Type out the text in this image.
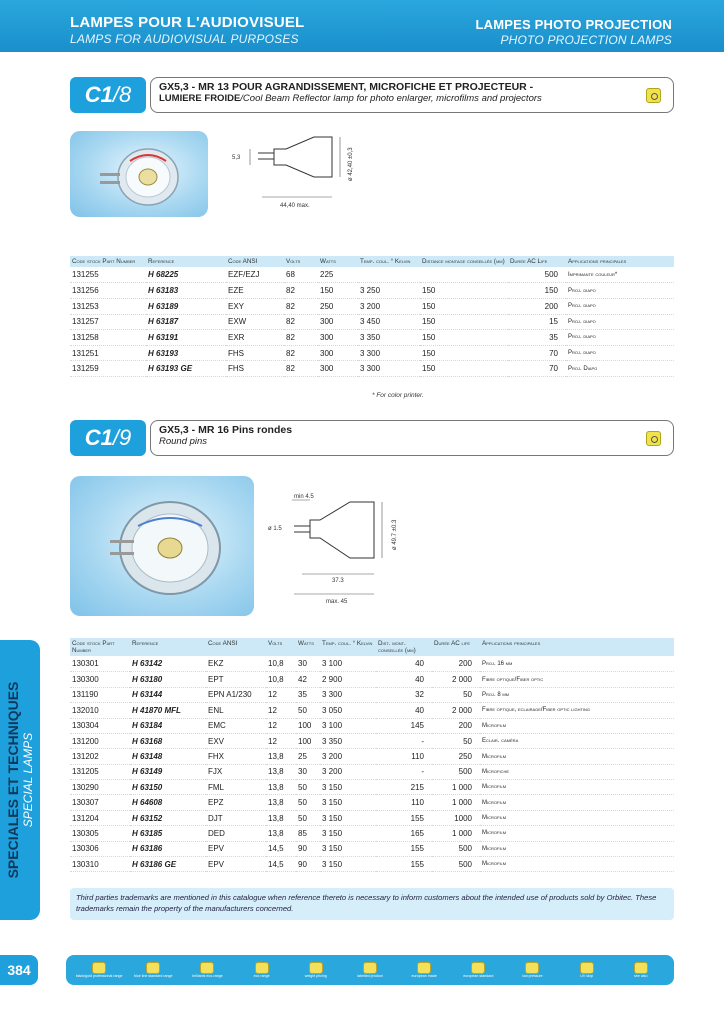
LAMPES POUR L'AUDIOVISUEL
LAMPS FOR AUDIOVISUAL PURPOSES
LAMPES PHOTO PROJECTION
PHOTO PROJECTION LAMPS
C1 /8	GX5,3 - MR 13 POUR AGRANDISSEMENT, MICROFICHE ET PROJECTEUR -
LUMIERE FROIDE/Cool Beam Reflector lamp for photo enlarger, microfilms and projectors
5,3	ø 42,40 ±0,3
44,40 max.
Code stock Part Number	Reference	Code ANSI	Volts	Watts	Temp. coul. ° Kelvin	Distance montage conseillée (mm)	Durée AC Life	Applications principales
131255	H 68225	EZF/EZJ	68	225			500	Imprimante couleur*
131256	H 63183	EZE	82	150	3 250	150	150	Proj. diapo
131253	H 63189	EXY	82	250	3 200	150	200	Proj. diapo
131257	H 63187	EXW	82	300	3 450	150	15	Proj. diapo
131258	H 63191	EXR	82	300	3 350	150	35	Proj. diapo
131251	H 63193	FHS	82	300	3 300	150	70	Proj. diapo
131259	H 63193 GE	FHS	82	300	3 300	150	70	Proj. Diapo
* For color printer.
C1 /9	GX5,3 - MR 16 Pins rondes
Round pins
min 4.5
ø 1.5	ø 49.7 ±0.3
37.3
max. 45
Code stock Part Number	Reference	Code ANSI	Volts	Watts	Temp. coul. ° Kelvin	Dist. mont. conseillée (mm)	Durée AC life	Applications principales
130301	H 63142	EKZ	10,8	30	3 100	40	200	Proj. 16 mm
130300	H 63180	EPT	10,8	42	2 900	40	2 000	Fibre optique/Fiber optic
131190	H 63144	EPN A1/230	12	35	3 300	32	50	Proj. 8 mm
132010	H 41870 MFL	ENL	12	50	3 050	40	2 000	Fibre optique, eclairage/Fiber optic lighting
130304	H 63184	EMC	12	100	3 100	145	200	Microfilm
131200	H 63168	EXV	12	100	3 350	-	50	Eclair. caméra
131202	H 63148	FHX	13,8	25	3 200	110	250	Microfilm
131205	H 63149	FJX	13,8	30	3 200	-	500	Microfiche
130290	H 63150	FML	13,8	50	3 150	215	1 000	Microfilm
130307	H 64608	EPZ	13,8	50	3 150	110	1 000	Microfilm
131204	H 63152	DJT	13,8	50	3 150	155	1000	Microfilm
130305	H 63185	DED	13,8	85	3 150	165	1 000	Microfilm
130306	H 63186	EPV	14,5	90	3 150	155	500	Microfilm
130310	H 63186 GE	EPV	14,5	90	3 150	155	500	Microfilm
SPECIALES ET TECHNIQUES SPECIAL LAMPS
Third parties trademarks are mentioned in this catalogue when reference thereto is necessary to inform customers about the intended use of products sold by Orbitec. These trademarks remain the property of the manufacturers concerned.
384	black/gold professional range	blue line standard range	brilliants eco-range	eco range	weight pricing	labelled product	european made	european standard	low pressure	UV stop	see also
